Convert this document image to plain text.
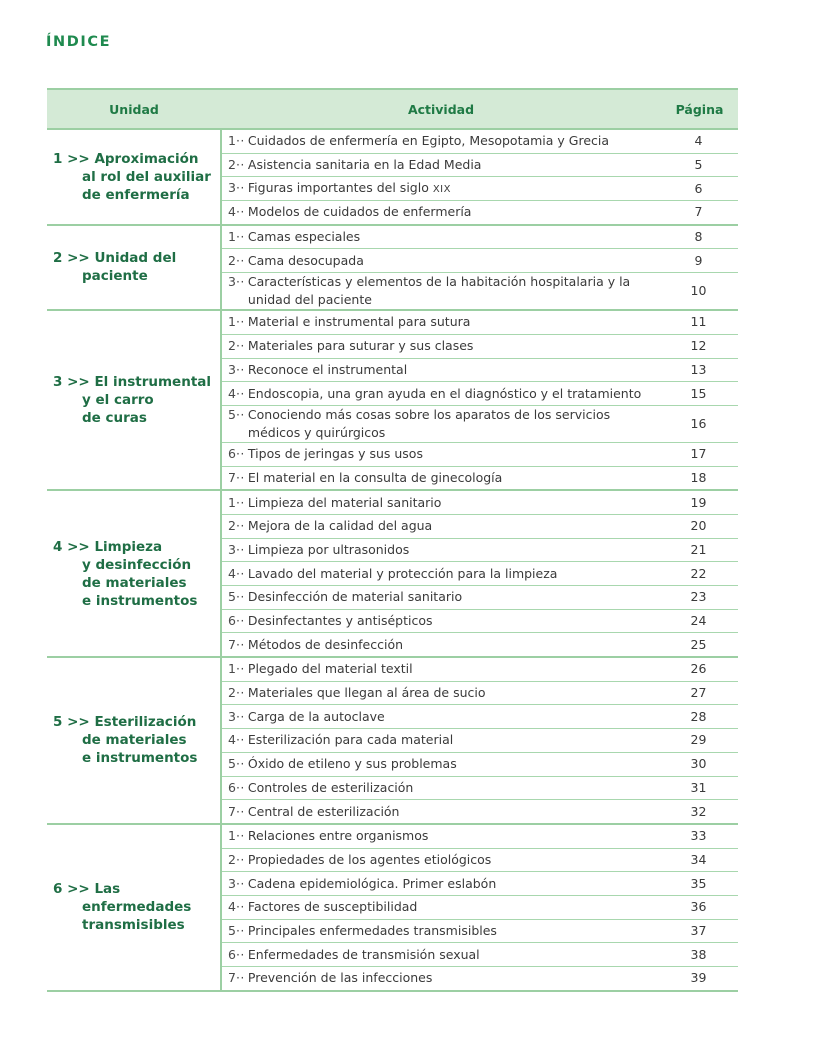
ÍNDICE
Unidad	Actividad	Página

1 >> Aproximación
al rol del auxiliar
de enfermería	1·· Cuidados de enfermería en Egipto, Mesopotamia y Grecia	4

	2·· Asistencia sanitaria en la Edad Media	5

	3·· Figuras importantes del siglo XIX	6

	4·· Modelos de cuidados de enfermería	7

2 >> Unidad del
paciente	1·· Camas especiales	8

	2·· Cama desocupada	9

	3·· Características y elementos de la habitación hospitalaria y la unidad del paciente	10

3 >> El instrumental
y el carro
de curas	1·· Material e instrumental para sutura	11

	2·· Materiales para suturar y sus clases	12

	3·· Reconoce el instrumental	13

	4·· Endoscopia, una gran ayuda en el diagnóstico y el tratamiento	15

	5·· Conociendo más cosas sobre los aparatos de los servicios médicos y quirúrgicos	16

	6·· Tipos de jeringas y sus usos	17

	7·· El material en la consulta de ginecología	18

4 >> Limpieza
y desinfección
de materiales
e instrumentos	1·· Limpieza del material sanitario	19

	2·· Mejora de la calidad del agua	20

	3·· Limpieza por ultrasonidos	21

	4·· Lavado del material y protección para la limpieza	22

	5·· Desinfección de material sanitario	23

	6·· Desinfectantes y antisépticos	24

	7·· Métodos de desinfección	25

5 >> Esterilización
de materiales
e instrumentos	1·· Plegado del material textil	26

	2·· Materiales que llegan al área de sucio	27

	3·· Carga de la autoclave	28

	4·· Esterilización para cada material	29

	5·· Óxido de etileno y sus problemas	30

	6·· Controles de esterilización	31

	7·· Central de esterilización	32

6 >> Las
enfermedades
transmisibles	1·· Relaciones entre organismos	33

	2·· Propiedades de los agentes etiológicos	34

	3·· Cadena epidemiológica. Primer eslabón	35

	4·· Factores de susceptibilidad	36

	5·· Principales enfermedades transmisibles	37

	6·· Enfermedades de transmisión sexual	38

	7·· Prevención de las infecciones	39
